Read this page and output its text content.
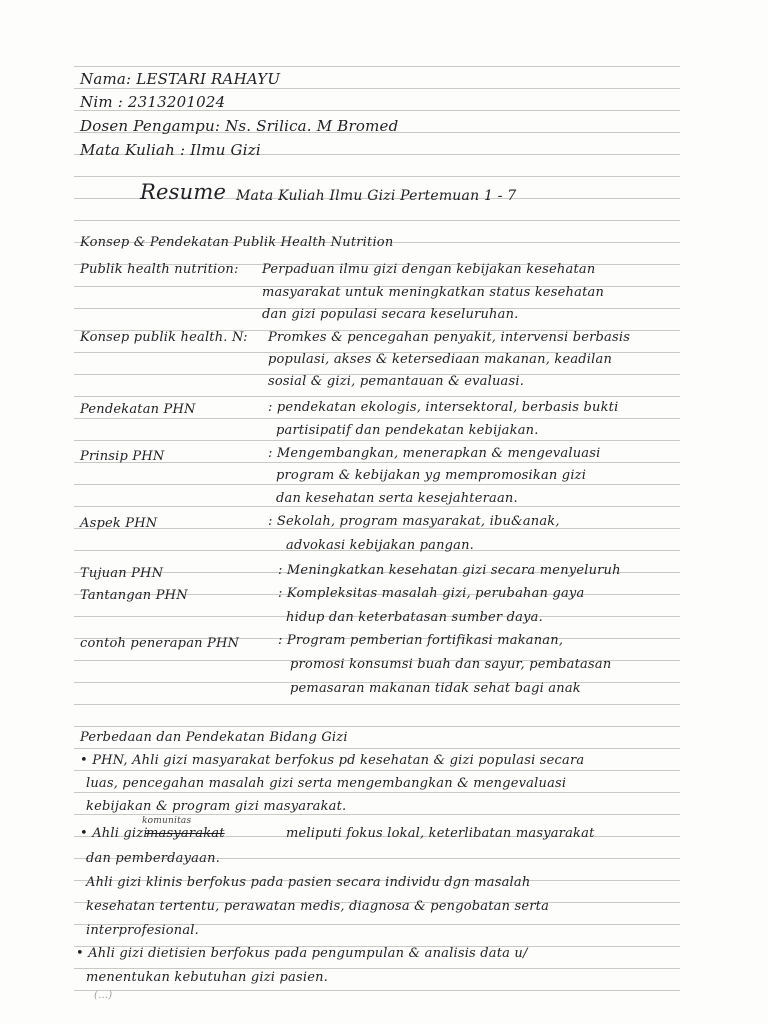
Nama: LESTARI RAHAYU
Nim : 2313201024
Dosen Pengampu: Ns. Srilica. M Bromed
Mata Kuliah : Ilmu Gizi
Resume Mata Kuliah Ilmu Gizi Pertemuan 1 - 7
Konsep & Pendekatan Publik Health Nutrition
Publik health nutrition: Perpaduan ilmu gizi dengan kebijakan kesehatan
masyarakat untuk meningkatkan status kesehatan
dan gizi populasi secara keseluruhan.
Konsep publik health. N: Promkes & pencegahan penyakit, intervensi berbasis
populasi, akses & ketersediaan makanan, keadilan
sosial & gizi, pemantauan & evaluasi.
Pendekatan PHN	: pendekatan ekologis, intersektoral, berbasis bukti
partisipatif dan pendekatan kebijakan.
Prinsip PHN	: Mengembangkan, menerapkan & mengevaluasi
program & kebijakan yg mempromosikan gizi
dan kesehatan serta kesejahteraan.
Aspek PHN	: Sekolah, program masyarakat, ibu&anak,
advokasi kebijakan pangan.
Tujuan PHN	: Meningkatkan kesehatan gizi secara menyeluruh
Tantangan PHN	: Kompleksitas masalah gizi, perubahan gaya
hidup dan keterbatasan sumber daya.
contoh penerapan PHN	: Program pemberian fortifikasi makanan,
promosi konsumsi buah dan sayur, pembatasan
pemasaran makanan tidak sehat bagi anak
Perbedaan dan Pendekatan Bidang Gizi
• PHN, Ahli gizi masyarakat berfokus pd kesehatan & gizi populasi secara
luas, pencegahan masalah gizi serta mengembangkan & mengevaluasi
kebijakan & program gizi masyarakat.
komunitas
• Ahli gizi
masyarakat	meliputi fokus lokal, keterlibatan masyarakat
dan pemberdayaan.
Ahli gizi klinis berfokus pada pasien secara individu dgn masalah
kesehatan tertentu, perawatan medis, diagnosa & pengobatan serta
interprofesional.
• Ahli gizi dietisien berfokus pada pengumpulan & analisis data u/
menentukan kebutuhan gizi pasien.
(...)
